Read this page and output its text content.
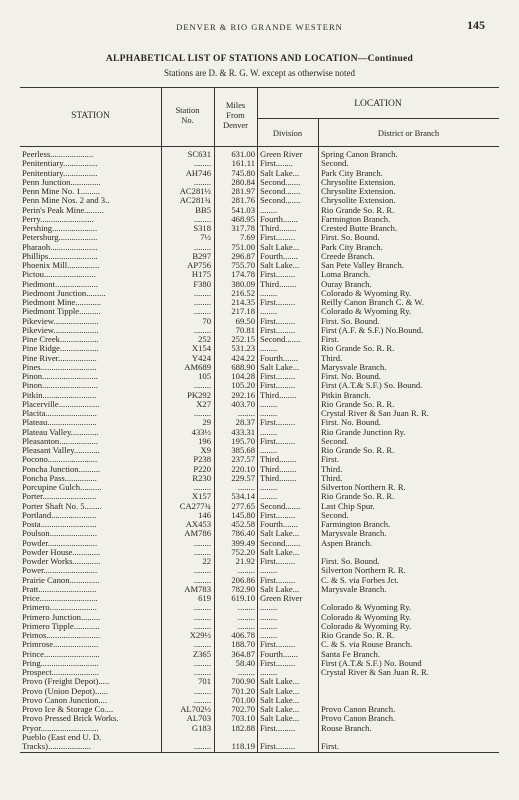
DENVER & RIO GRANDE WESTERN	145
ALPHABETICAL LIST OF STATIONS AND LOCATION—Continued
Stations are D. & R. G. W. except as otherwise noted
STATION
Station
No.
Miles
From
Denver
LOCATION
Division	District or Branch
Peerless....................	SC631	631.00 Green River	Spring Canon Branch.
Penitentiary................	........	161.11 First........	Second.
Penitentiary................	AH746	745.80 Salt Lake...	Park City Branch.
Penn Junction..............	........	280.84 Second.......	Chrysolite Extension.
Penn Mine No. 1.........	AC281½	281.97 Second.......	Chrysolite Extension.
Penn Mine Nos. 2 and 3..	AC281¾	281.76 Second.......	Chrysolite Extension.
Perin's Peak Mine.........	BB5	541.03 ........	Rio Grande So. R. R.
Perry.........................	........	468.95 Fourth.......	Farmington Branch.
Pershing.....................	S318	317.78 Third........	Crested Butte Branch.
Petersburg..................	7½	7.69 First.........	First. So. Bound.
Pharaoh......................	........	751.00 Salt Lake...	Park City Branch.
Phillips.......................	B297	296.87 Fourth.......	Creede Branch.
Phoenix Mill...............	AP756	755.70 Salt Lake...	San Pete Valley Branch.
Pictou........................	H175	174.78 First.........	Loma Branch.
Piedmont....................	F380	380.09 Third........	Ouray Branch.
Piedmont Junction.........	........	216.52 ........	Colorado & Wyoming Ry.
Piedmont Mine............	........	214.35 First.........	Reilly Canon Branch C. & W.
Piedmont Tipple..........	........	217.18 ........	Colorado & Wyoming Ry.
Pikeview.....................	70	69.50 First.........	First. So. Bound.
Pikeview.....................	........	70.81 First.........	First (A.F. & S.F.) No.Bound.
Pine Creek..................	252	252.15 Second.......	First.
Pine Ridge..................	X154	531.23 ........	Rio Grande So. R. R.
Pine River..................	Y424	424.22 Fourth.......	Third.
Pines..........................	AM689	688.90 Salt Lake...	Marysvale Branch.
Pinon..........................	105	104.28 First.........	First. No. Bound.
Pinon..........................	........	105.20 First.........	First (A.T.& S.F.) So. Bound.
Pitkin.........................	PK292	292.16 Third........	Pitkin Branch.
Placerville...................	X27	403.70 ........	Rio Grande So. R. R.
Placita........................	........	........ ........	Crystal River & San Juan R. R.
Plateau.......................	29	28.37 First.........	First. No. Bound.
Plateau Valley.............	433½	433.31 ........	Rio Grande Junction Ry.
Pleasanton..................	196	195.70 First.........	Second.
Pleasant Valley............	X9	385.68 ........	Rio Grande So. R. R.
Pocono.......................	P238	237.57 Third........	First.
Poncha Junction..........	P220	220.10 Third........	Third.
Poncha Pass...............	R230	229.57 Third........	Third.
Porcupine Gulch..........	........	........ ........	Silverton Northern R. R.
Porter.........................	X157	534.14 ........	Rio Grande So. R. R.
Porter Shaft No. 5........	CA277¾	277.65 Second.......	Last Chip Spur.
Portland.....................	146	145.80 First.........	Second.
Posta..........................	AX453	452.58 Fourth.......	Farmington Branch.
Poulson......................	AM786	786.40 Salt Lake...	Marysvale Branch.
Powder.......................	........	399.49 Second.......	Aspen Branch.
Powder House.............	........	752.20 Salt Lake...
Powder Works.............	22	21.92 First.........	First. So. Bound.
Power.........................	........	........ ........	Silverton Northern R. R.
Prairie Canon..............	........	206.86 First.........	C. & S. via Forbes Jct.
Pratt...........................	AM783	782.90 Salt Lake...	Marysvale Branch.
Price...........................	619	619.10 Green River
Primero......................	........	........ ........	Colorado & Wyoming Ry.
Primero Junction.........	........	........ ........	Colorado & Wyoming Ry.
Primero Tipple............	........	........ ........	Colorado & Wyoming Ry.
Primos.........................	X29½	406.78 ........	Rio Grande So. R. R.
Primrose.....................	........	188.70 First.........	C. & S. via Rouse Branch.
Prince..........................	Z365	364.87 Fourth.......	Santa Fe Branch.
Pring...........................	........	58.40 First.........	First (A.T.& S.F.) No. Bound
Prospect......................	........	........ ........	Crystal River & San Juan R. R.
Provo (Freight Depot).....	701	700.90 Salt Lake...
Provo (Union Depot)......	........	701.20 Salt Lake...
Provo Canon Junction....	........	701.00 Salt Lake...
Provo Ice & Storage Co....	AL702½	702.70 Salt Lake...	Provo Canon Branch.
Provo Pressed Brick Works.	AL703	703.10 Salt Lake...	Provo Canon Branch.
Pryor...........................	G183	182.88 First.........	Rouse Branch.
Pueblo (East end U. D.
Tracks)....................	........	118.19 First.........	First.
